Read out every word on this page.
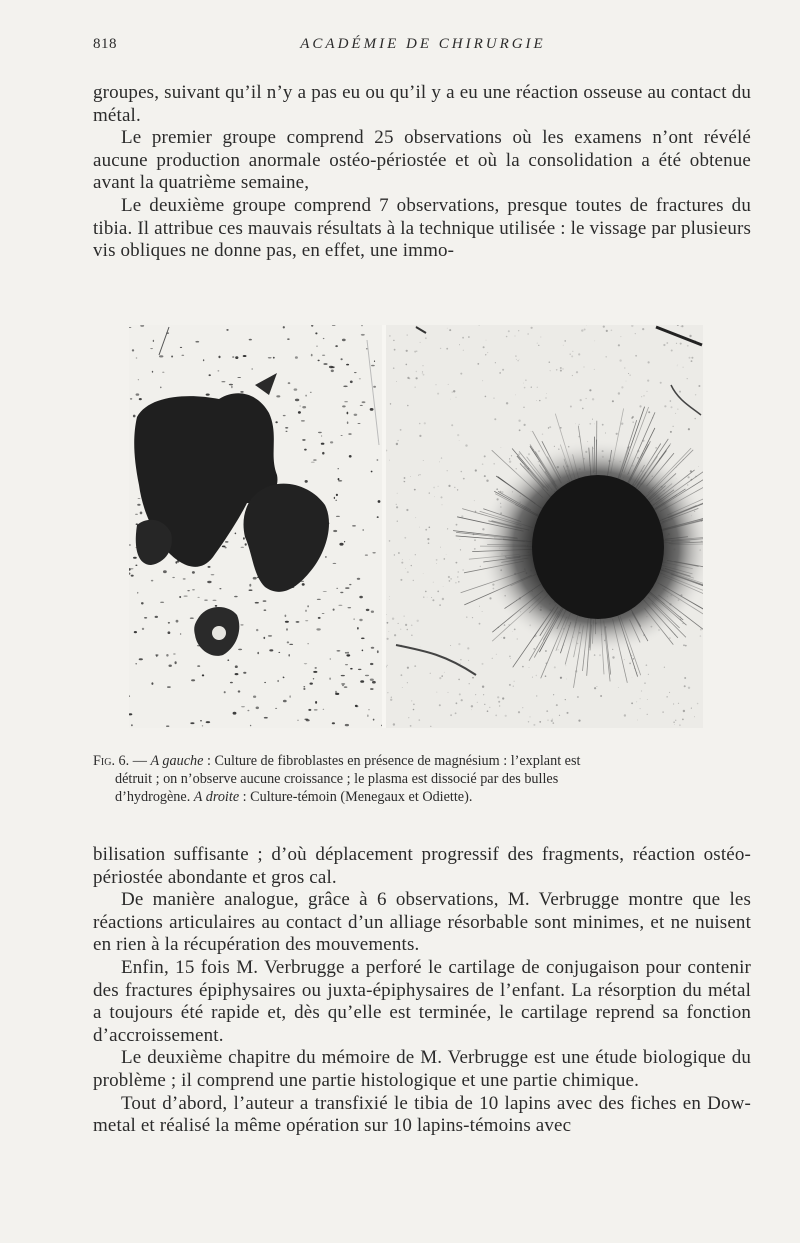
818	ACADÉMIE DE CHIRURGIE

groupes, suivant qu’il n’y a pas eu ou qu’il y a eu une réaction osseuse au contact du métal.

Le premier groupe comprend 25 observations où les examens n’ont révélé aucune production anormale ostéo-périostée et où la consolidation a été obtenue avant la quatrième semaine,

Le deuxième groupe comprend 7 observations, presque toutes de fractures du tibia. Il attribue ces mauvais résultats à la technique utilisée : le vissage par plusieurs vis obliques ne donne pas, en effet, une immo-

Fig. 6. — A gauche : Culture de fibroblastes en présence de magnésium : l’explant est
détruit ; on n’observe aucune croissance ; le plasma est dissocié par des bulles
d’hydrogène. A droite : Culture-témoin (Menegaux et Odiette).

bilisation suffisante ; d’où déplacement progressif des fragments, réaction ostéo-périostée abondante et gros cal.

De manière analogue, grâce à 6 observations, M. Verbrugge montre que les réactions articulaires au contact d’un alliage résorbable sont minimes, et ne nuisent en rien à la récupération des mouvements.

Enfin, 15 fois M. Verbrugge a perforé le cartilage de conjugaison pour contenir des fractures épiphysaires ou juxta-épiphysaires de l’enfant. La résorption du métal a toujours été rapide et, dès qu’elle est terminée, le cartilage reprend sa fonction d’accroissement.

Le deuxième chapitre du mémoire de M. Verbrugge est une étude biologique du problème ; il comprend une partie histologique et une partie chimique.

Tout d’abord, l’auteur a transfixié le tibia de 10 lapins avec des fiches en Dow-metal et réalisé la même opération sur 10 lapins-témoins avec
